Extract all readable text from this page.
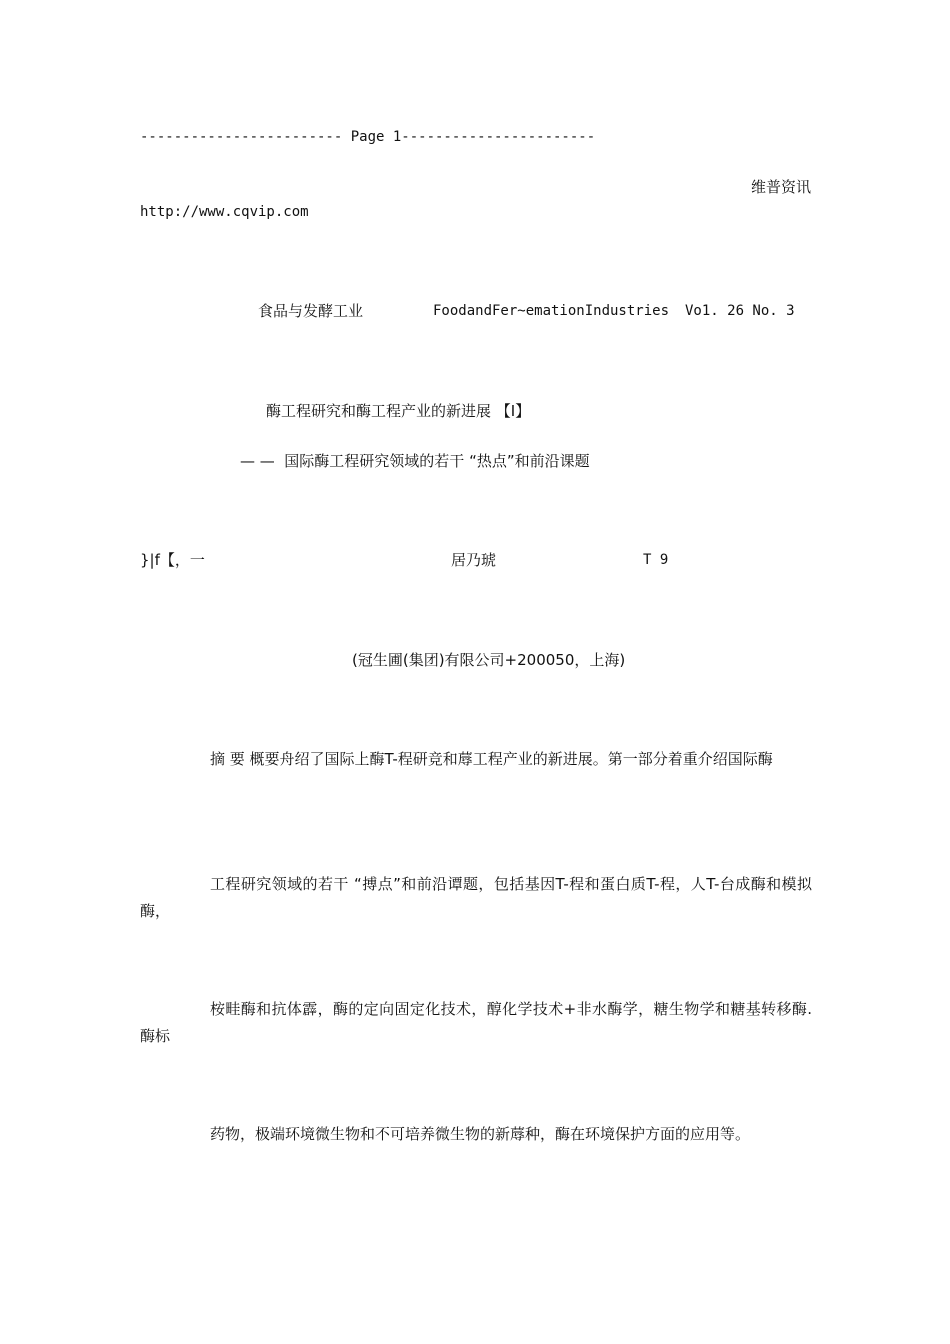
------------------------ Page 1-----------------------
维普资讯
http://www.cqvip.com
食品与发酵工业	FoodandFer~emationIndustries Vo1. 26 No. 3
酶工程研究和酶工程产业的新进展 【I】
— —  国际酶工程研究领域的若干 “热点”和前沿课题
}|f【，一	居乃琥	T 9
(冠生圃(集团)有限公司+200050，上海)
摘 要 概要舟绍了国际上酶T-程研竞和蓐工程产业的新进展。第一部分着重介绍国际酶
工程研究领域的若干 “搏点”和前沿谭题，包括基因T-程和蛋白质T-程，人T-台成酶和模拟酶，
桉畦酶和抗体霹，酶的定向固定化技术，醇化学技术+非水酶学，糖生物学和糖基转移酶. 酶标
药物，极端环境微生物和不可培养微生物的新蓐种，酶在环境保护方面的应用等。
